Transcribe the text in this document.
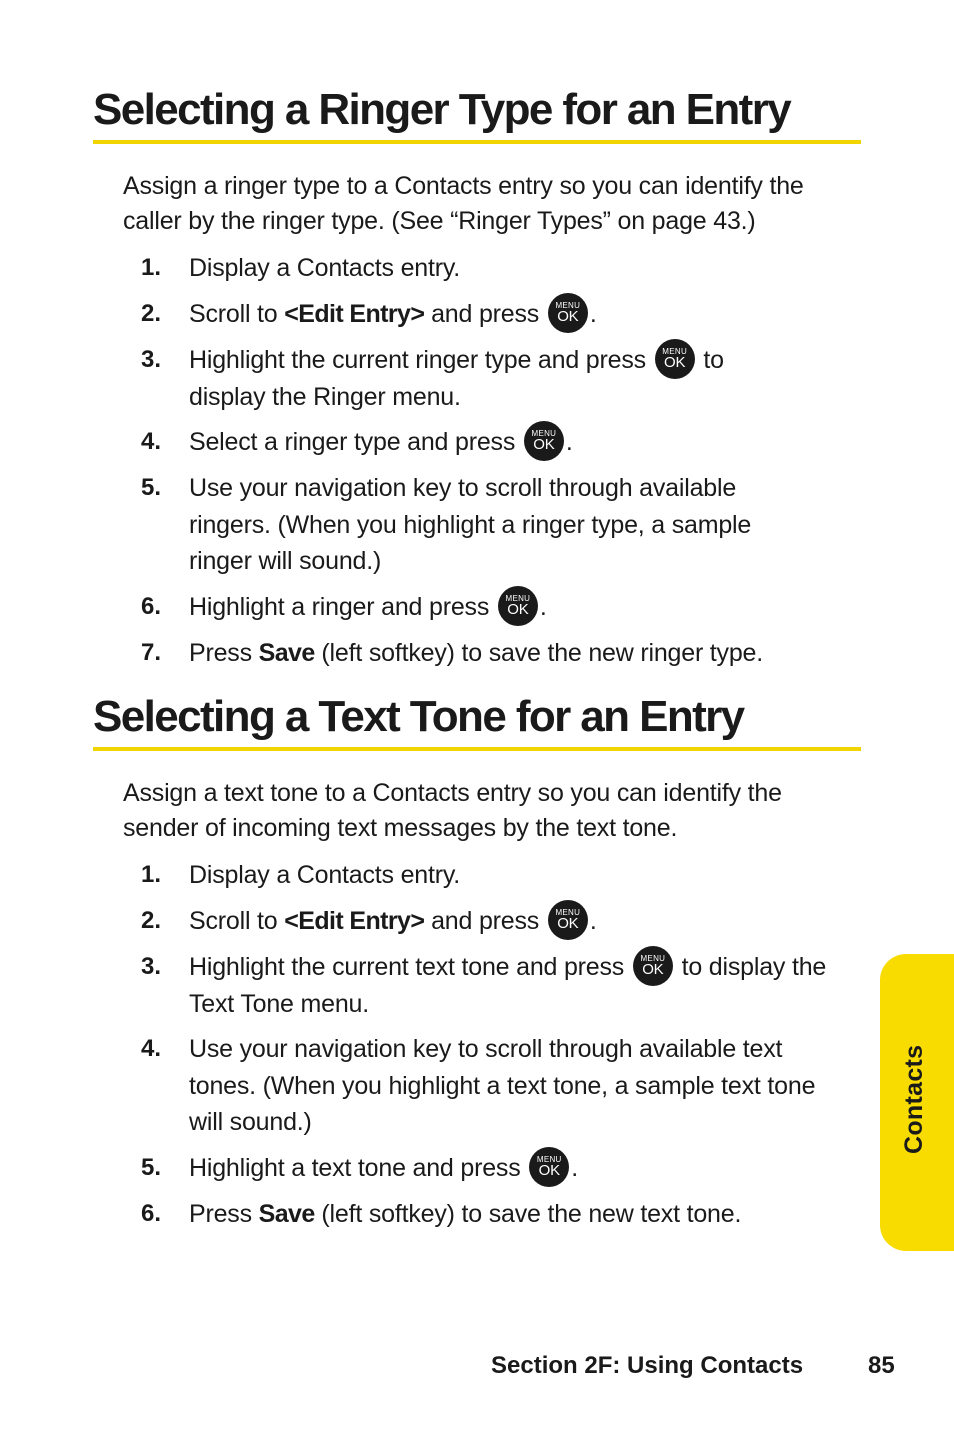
Selecting a Ringer Type for an Entry
Assign a ringer type to a Contacts entry so you can identify the caller by the ringer type. (See “Ringer Types” on page 43.)
1.	Display a Contacts entry.
2.	Scroll to <Edit Entry> and press	MENU
OK .
3.	Highlight the current ringer type and press	MENU
OK to display the Ringer menu.
4.	Select a ringer type and press	MENU
OK .
5.	Use your navigation key to scroll through available ringers. (When you highlight a ringer type, a sample ringer will sound.)
6.	Highlight a ringer and press	MENU
OK .
7.	Press Save (left softkey) to save the new ringer type.
Selecting a Text Tone for an Entry
Assign a text tone to a Contacts entry so you can identify the sender of incoming text messages by the text tone.
1.	Display a Contacts entry.
2.	Scroll to <Edit Entry> and press	MENU
OK .
3.	Highlight the current text tone and press	MENU
OK to display the Text Tone menu.
4.	Use your navigation key to scroll through available text tones. (When you highlight a text tone, a sample text tone will sound.)
5.	Highlight a text tone and press	MENU
OK .
6.	Press Save (left softkey) to save the new text tone.
Contacts
Section 2F: Using Contacts	85
